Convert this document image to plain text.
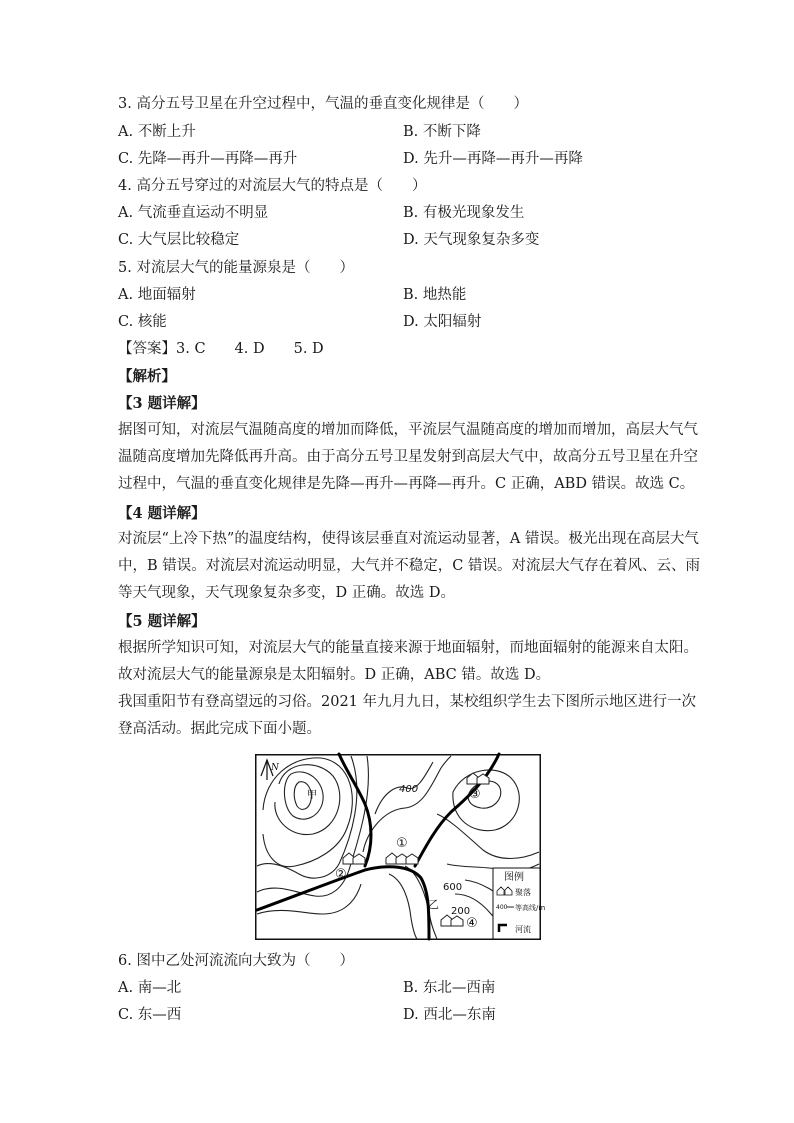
3. 高分五号卫星在升空过程中，气温的垂直变化规律是（　　）
A. 不断上升	B. 不断下降
C. 先降—再升—再降—再升	D. 先升—再降—再升—再降
4. 高分五号穿过的对流层大气的特点是（　　）
A. 气流垂直运动不明显	B. 有极光现象发生
C. 大气层比较稳定	D. 天气现象复杂多变
5. 对流层大气的能量源泉是（　　）
A. 地面辐射	B. 地热能
C. 核能	D. 太阳辐射
【答案】3. C　　4. D　　5. D
【解析】
【3 题详解】
据图可知，对流层气温随高度的增加而降低，平流层气温随高度的增加而增加，高层大气气
温随高度增加先降低再升高。由于高分五号卫星发射到高层大气中，故高分五号卫星在升空
过程中，气温的垂直变化规律是先降—再升—再降—再升。C 正确，ABD 错误。故选 C。
【4 题详解】
对流层“上冷下热”的温度结构，使得该层垂直对流运动显著，A 错误。极光出现在高层大气
中，B 错误。对流层对流运动明显，大气并不稳定，C 错误。对流层大气存在着风、云、雨
等天气现象，天气现象复杂多变，D 正确。故选 D。
【5 题详解】
根据所学知识可知，对流层大气的能量直接来源于地面辐射，而地面辐射的能源来自太阳。
故对流层大气的能量源泉是太阳辐射。D 正确，ABC 错。故选 D。
我国重阳节有登高望远的习俗。2021 年九月九日，某校组织学生去下图所示地区进行一次
登高活动。据此完成下面小题。
N
400
600
200
甲
乙
①
②
③
④
图例
聚落
400 等高线/m
河流
6. 图中乙处河流流向大致为（　　）
A. 南—北	B. 东北—西南
C. 东—西	D. 西北—东南
